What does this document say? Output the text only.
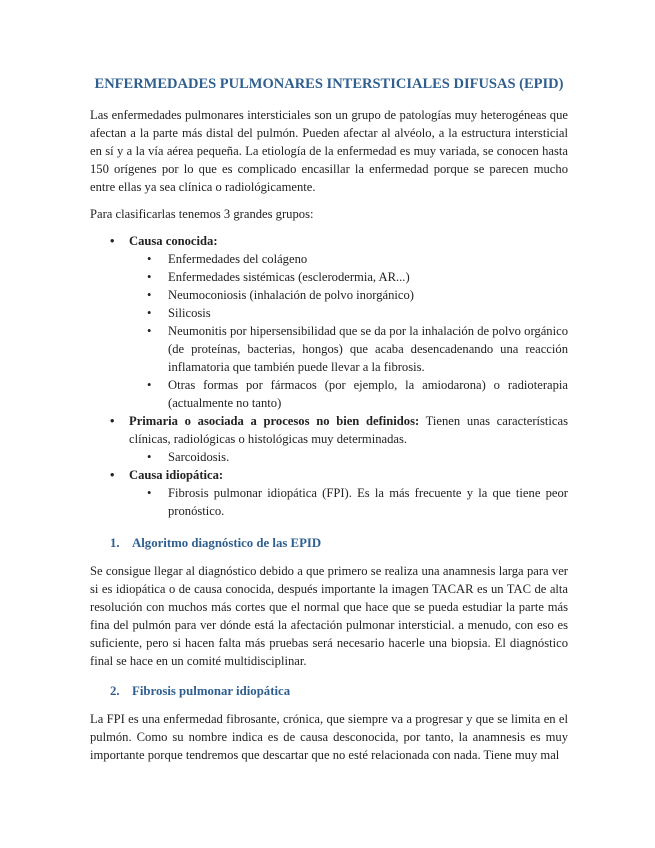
ENFERMEDADES PULMONARES INTERSTICIALES DIFUSAS (EPID)

Las enfermedades pulmonares intersticiales son un grupo de patologías muy heterogéneas que afectan a la parte más distal del pulmón. Pueden afectar al alvéolo, a la estructura intersticial en sí y a la vía aérea pequeña. La etiología de la enfermedad es muy variada, se conocen hasta 150 orígenes por lo que es complicado encasillar la enfermedad porque se parecen mucho entre ellas ya sea clínica o radiológicamente.

Para clasificarlas tenemos 3 grandes grupos:

• Causa conocida:
• Enfermedades del colágeno
• Enfermedades sistémicas (esclerodermia, AR...)
• Neumoconiosis (inhalación de polvo inorgánico)
• Silicosis
• Neumonitis por hipersensibilidad que se da por la inhalación de polvo orgánico (de proteínas, bacterias, hongos) que acaba desencadenando una reacción inflamatoria que también puede llevar a la fibrosis.
• Otras formas por fármacos (por ejemplo, la amiodarona) o radioterapia (actualmente no tanto)
• Primaria o asociada a procesos no bien definidos: Tienen unas características clínicas, radiológicas o histológicas muy determinadas.
• Sarcoidosis.
• Causa idiopática:
• Fibrosis pulmonar idiopática (FPI). Es la más frecuente y la que tiene peor pronóstico.
1. Algoritmo diagnóstico de las EPID

Se consigue llegar al diagnóstico debido a que primero se realiza una anamnesis larga para ver si es idiopática o de causa conocida, después importante la imagen TACAR es un TAC de alta resolución con muchos más cortes que el normal que hace que se pueda estudiar la parte más fina del pulmón para ver dónde está la afectación pulmonar intersticial. a menudo, con eso es suficiente, pero si hacen falta más pruebas será necesario hacerle una biopsia. El diagnóstico final se hace en un comité multidisciplinar.

2. Fibrosis pulmonar idiopática

La FPI es una enfermedad fibrosante, crónica, que siempre va a progresar y que se limita en el pulmón. Como su nombre indica es de causa desconocida, por tanto, la anamnesis es muy importante porque tendremos que descartar que no esté relacionada con nada. Tiene muy mal
